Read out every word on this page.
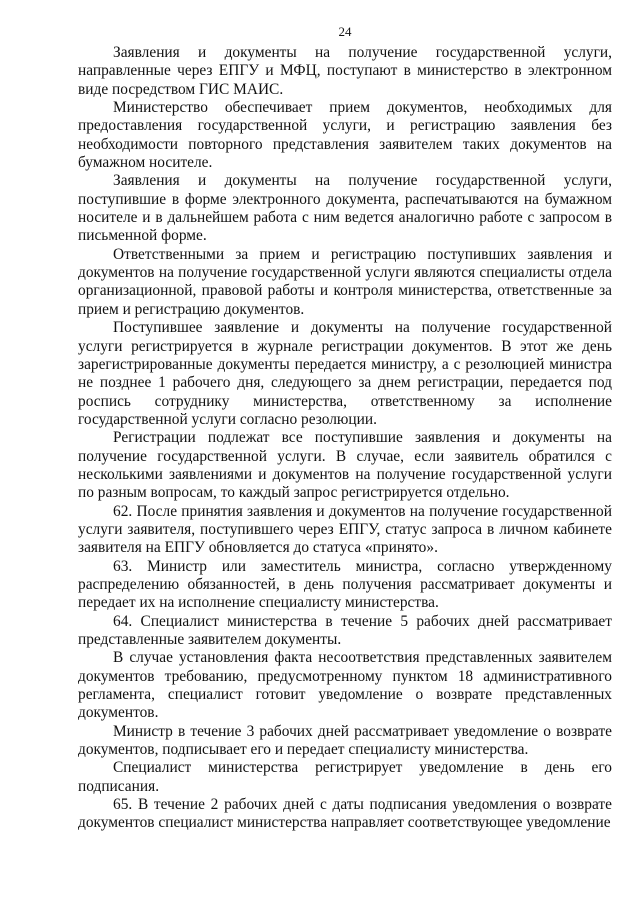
24

Заявления и документы на получение государственной услуги, направленные через ЕПГУ и МФЦ, поступают в министерство в электронном виде посредством ГИС МАИС.

Министерство обеспечивает прием документов, необходимых для предоставления государственной услуги, и регистрацию заявления без необходимости повторного представления заявителем таких документов на бумажном носителе.

Заявления и документы на получение государственной услуги, поступившие в форме электронного документа, распечатываются на бумажном носителе и в дальнейшем работа с ним ведется аналогично работе с запросом в письменной форме.

Ответственными за прием и регистрацию поступивших заявления и документов на получение государственной услуги являются специалисты отдела организационной, правовой работы и контроля министерства, ответственные за прием и регистрацию документов.

Поступившее заявление и документы на получение государственной услуги регистрируется в журнале регистрации документов. В этот же день зарегистрированные документы передается министру, а с резолюцией министра не позднее 1 рабочего дня, следующего за днем регистрации, передается под роспись сотруднику министерства, ответственному за исполнение государственной услуги согласно резолюции.

Регистрации подлежат все поступившие заявления и документы на получение государственной услуги. В случае, если заявитель обратился с несколькими заявлениями и документов на получение государственной услуги по разным вопросам, то каждый запрос регистрируется отдельно.

62. После принятия заявления и документов на получение государственной услуги заявителя, поступившего через ЕПГУ, статус запроса в личном кабинете заявителя на ЕПГУ обновляется до статуса «принято».

63. Министр или заместитель министра, согласно утвержденному распределению обязанностей, в день получения рассматривает документы и передает их на исполнение специалисту министерства.

64. Специалист министерства в течение 5 рабочих дней рассматривает представленные заявителем документы.

В случае установления факта несоответствия представленных заявителем документов требованию, предусмотренному пунктом 18 административного регламента, специалист готовит уведомление о возврате представленных документов.

Министр в течение 3 рабочих дней рассматривает уведомление о возврате документов, подписывает его и передает специалисту министерства.

Специалист министерства регистрирует уведомление в день его подписания.

65. В течение 2 рабочих дней с даты подписания уведомления о возврате документов специалист министерства направляет соответствующее уведомление
